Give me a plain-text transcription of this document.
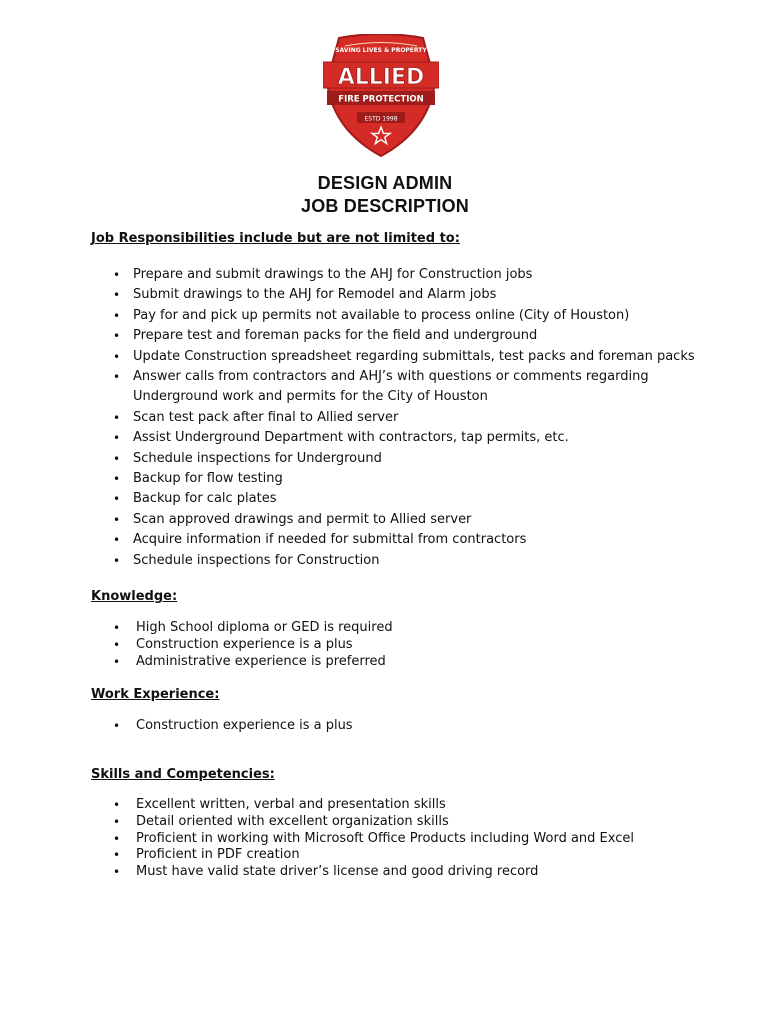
SAVING LIVES & PROPERTY
ALLIED
FIRE PROTECTION
ESTD 1998
DESIGN ADMIN
JOB DESCRIPTION
Job Responsibilities include but are not limited to:
• Prepare and submit drawings to the AHJ for Construction jobs
• Submit drawings to the AHJ for Remodel and Alarm jobs
• Pay for and pick up permits not available to process online (City of Houston)
• Prepare test and foreman packs for the field and underground
• Update Construction spreadsheet regarding submittals, test packs and foreman packs
• Answer calls from contractors and AHJ’s with questions or comments regarding Underground work and permits for the City of Houston
• Scan test pack after final to Allied server
• Assist Underground Department with contractors, tap permits, etc.
• Schedule inspections for Underground
• Backup for flow testing
• Backup for calc plates
• Scan approved drawings and permit to Allied server
• Acquire information if needed for submittal from contractors
• Schedule inspections for Construction
Knowledge:
• High School diploma or GED is required
• Construction experience is a plus
• Administrative experience is preferred
Work Experience:
• Construction experience is a plus
Skills and Competencies:
• Excellent written, verbal and presentation skills
• Detail oriented with excellent organization skills
• Proficient in working with Microsoft Office Products including Word and Excel
• Proficient in PDF creation
• Must have valid state driver’s license and good driving record
